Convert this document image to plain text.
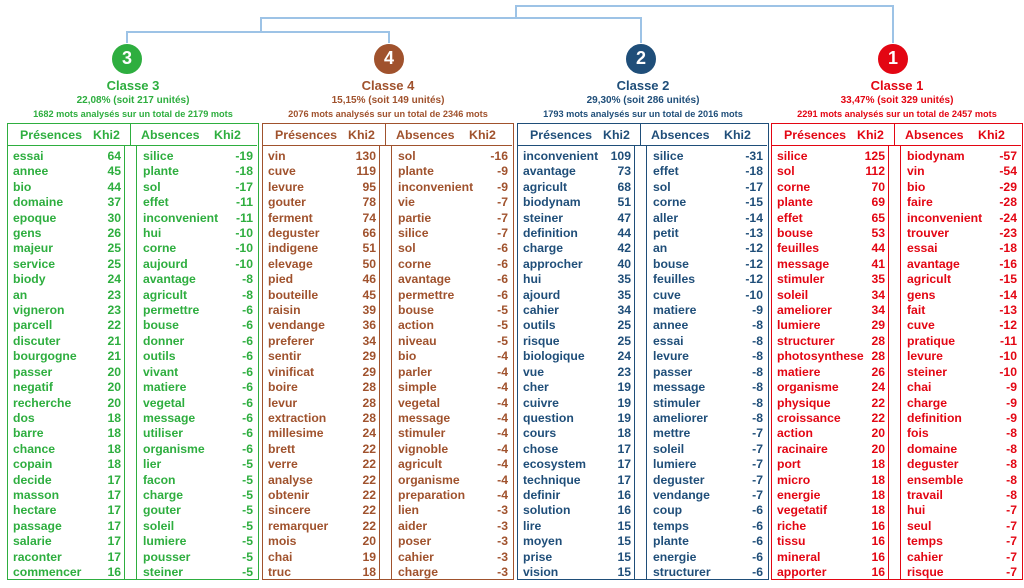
3
Classe 3
22,08% (soit 217 unités)
1682 mots analysés sur un total de 2179 mots
Présences Khi2 Absences Khi2
essai	64 silice	-19
annee	45 plante	-18
bio	44 sol	-17
domaine	37 effet	-11
epoque	30 inconvenient -11
gens	26 hui	-10
majeur	25 corne	-10
service	25 aujourd	-10
biody	24 avantage	-8
an	23 agricult	-8
vigneron	23 permettre	-6
parcell	22 bouse	-6
discuter	21 donner	-6
bourgogne	21 outils	-6
passer	20 vivant	-6
negatif	20 matiere	-6
recherche	20 vegetal	-6
dos	18 message	-6
barre	18 utiliser	-6
chance	18 organisme	-6
copain	18 lier	-5
decide	17 facon	-5
masson	17 charge	-5
hectare	17 gouter	-5
passage	17 soleil	-5
salarie	17 lumiere	-5
raconter	17 pousser	-5
commencer 16 steiner	-5
4
Classe 4
15,15% (soit 149 unités)
2076 mots analysés sur un total de 2346 mots
Présences Khi2 Absences Khi2
vin	130 sol	-16
cuve	119 plante	-9
levure	95 inconvenient -9
gouter	78 vie	-7
ferment	74 partie	-7
deguster	66 silice	-7
indigene	51 sol	-6
elevage	50 corne	-6
pied	46 avantage	-6
bouteille	45 permettre	-6
raisin	39 bouse	-5
vendange	36 action	-5
preferer	34 niveau	-5
sentir	29 bio	-4
vinificat	29 parler	-4
boire	28 simple	-4
levur	28 vegetal	-4
extraction	28 message	-4
millesime	24 stimuler	-4
brett	22 vignoble	-4
verre	22 agricult	-4
analyse	22 organisme	-4
obtenir	22 preparation	-4
sincere	22 lien	-3
remarquer	22 aider	-3
mois	20 poser	-3
chai	19 cahier	-3
truc	18 charge	-3
2
Classe 2
29,30% (soit 286 unités)
1793 mots analysés sur un total de 2016 mots
Présences Khi2 Absences Khi2
inconvenient 109 silice	-31
avantage	73 effet	-18
agricult	68 sol	-17
biodynam	51 corne	-15
steiner	47 aller	-14
definition	44 petit	-13
charge	42 an	-12
approcher	40 bouse	-12
hui	35 feuilles	-12
ajourd	35 cuve	-10
cahier	34 matiere	-9
outils	25 annee	-8
risque	25 essai	-8
biologique	24 levure	-8
vue	23 passer	-8
cher	19 message	-8
cuivre	19 stimuler	-8
question	19 ameliorer	-8
cours	18 mettre	-7
chose	17 soleil	-7
ecosystem	17 lumiere	-7
technique	17 deguster	-7
definir	16 vendange	-7
solution	16 coup	-6
lire	15 temps	-6
moyen	15 plante	-6
prise	15 energie	-6
vision	15 structurer	-6
1
Classe 1
33,47% (soit 329 unités)
2291 mots analysés sur un total de 2457 mots
Présences Khi2 Absences Khi2
silice	125 biodynam	-57
sol	112 vin	-54
corne	70 bio	-29
plante	69 faire	-28
effet	65 inconvenient -24
bouse	53 trouver	-23
feuilles	44 essai	-18
message	41 avantage	-16
stimuler	35 agricult	-15
soleil	34 gens	-14
ameliorer	34 fait	-13
lumiere	29 cuve	-12
structurer	28 pratique	-11
photosynthese 28 levure	-10
matiere	26 steiner	-10
organisme	24 chai	-9
physique	22 charge	-9
croissance	22 definition	-9
action	20 fois	-8
racinaire	20 domaine	-8
port	18 deguster	-8
micro	18 ensemble	-8
energie	18 travail	-8
vegetatif	18 hui	-7
riche	16 seul	-7
tissu	16 temps	-7
mineral	16 cahier	-7
apporter	16 risque	-7
